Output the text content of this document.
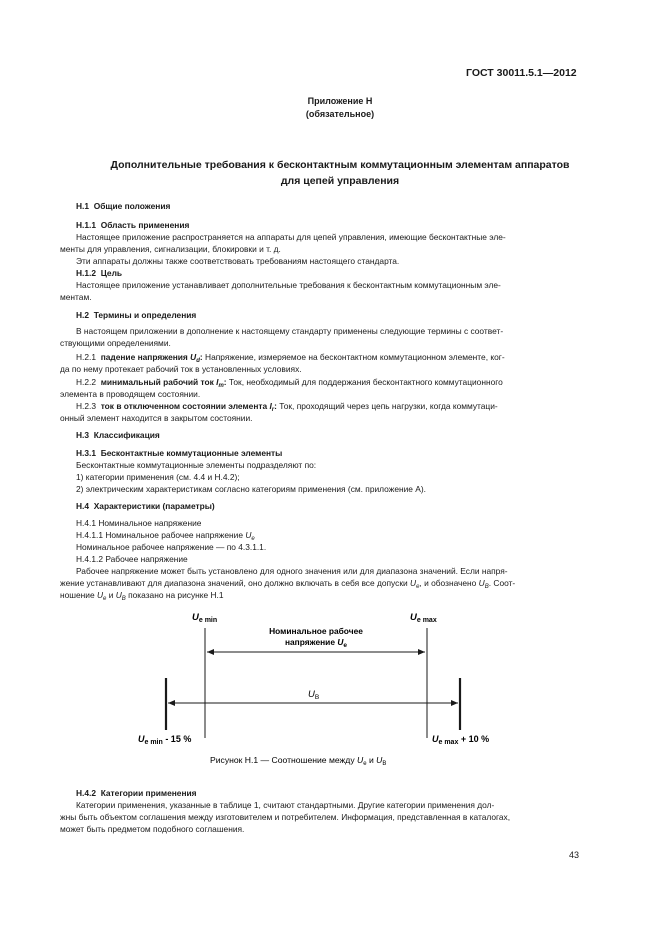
ГОСТ 30011.5.1—2012
Приложение Н
(обязательное)
Дополнительные требования к бесконтактным коммутационным элементам аппаратов
для цепей управления
Н.1 Общие положения
Н.1.1 Область применения
Настоящее приложение распространяется на аппараты для цепей управления, имеющие бесконтактные эле-
менты для управления, сигнализации, блокировки и т. д.
Эти аппараты должны также соответствовать требованиям настоящего стандарта.
Н.1.2 Цель
Настоящее приложение устанавливает дополнительные требования к бесконтактным коммутационным эле-
ментам.
Н.2 Термины и определения
В настоящем приложении в дополнение к настоящему стандарту применены следующие термины с соответ-
ствующими определениями.
Н.2.1 падение напряжения $U_d$: Напряжение, измеряемое на бесконтактном коммутационном элементе, ког-
да по нему протекает рабочий ток в установленных условиях.
Н.2.2 минимальный рабочий ток $I_m$: Ток, необходимый для поддержания бесконтактного коммутационного
элемента в проводящем состоянии.
Н.2.3 ток в отключенном состоянии элемента $I_r$: Ток, проходящий через цепь нагрузки, когда коммутаци-
онный элемент находится в закрытом состоянии.
Н.3 Классификация
Н.3.1 Бесконтактные коммутационные элементы
Бесконтактные коммутационные элементы подразделяют по:
1) категории применения (см. 4.4 и Н.4.2);
2) электрическим характеристикам согласно категориям применения (см. приложение А).
Н.4 Характеристики (параметры)
Н.4.1 Номинальное напряжение
Н.4.1.1 Номинальное рабочее напряжение $U_e$
Номинальное рабочее напряжение — по 4.3.1.1.
Н.4.1.2 Рабочее напряжение
Рабочее напряжение может быть установлено для одного значения или для диапазона значений. Если напря-
жение устанавливают для диапазона значений, оно должно включать в себя все допуски $U_е$, и обозначено $U_B$. Соот-
ношение $U_е$ и $U_B$ показано на рисунке Н.1
$U_{e min}$	$U_{e max}$
Номинальное рабочее
напряжение $U_e$
$U_B$
$U_{e min} - 15$ %	$U_{e max} + 10$ %
Рисунок Н.1 — Соотношение между $U_e$ и $U_B$
Н.4.2 Категории применения
Категории применения, указанные в таблице 1, считают стандартными. Другие категории применения дол-
жны быть объектом соглашения между изготовителем и потребителем. Информация, представленная в каталогах,
может быть предметом подобного соглашения.
43
